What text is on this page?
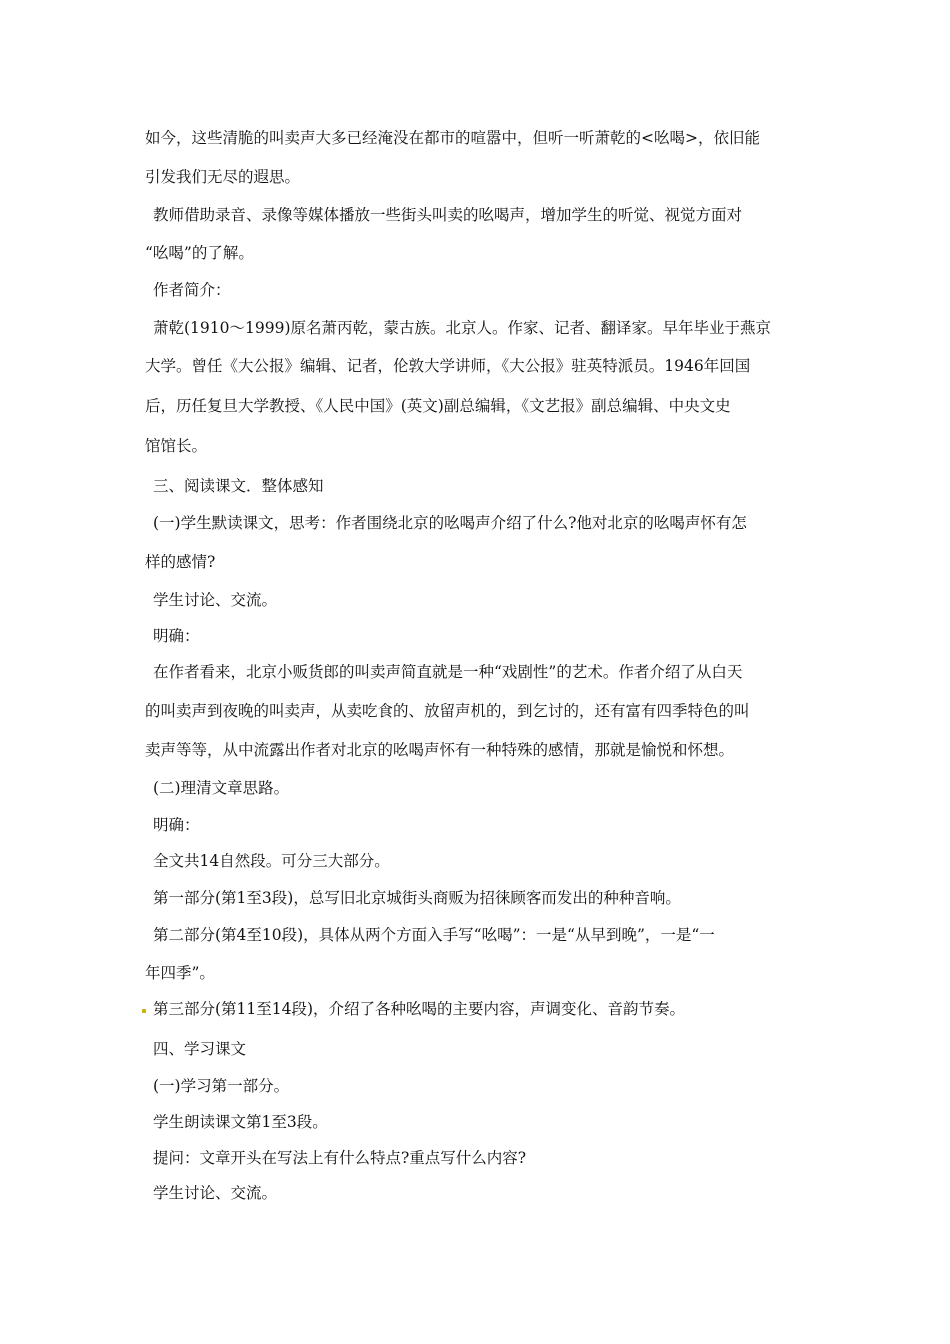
如今，这些清脆的叫卖声大多已经淹没在都市的喧嚣中，但听一听萧乾的<吆喝>，依旧能
引发我们无尽的遐思。
教师借助录音、录像等媒体播放一些街头叫卖的吆喝声，增加学生的听觉、视觉方面对
“吆喝”的了解。
作者简介：
萧乾(1910～1999)原名萧丙乾，蒙古族。北京人。作家、记者、翻译家。早年毕业于燕京
大学。曾任《大公报》编辑、记者，伦敦大学讲师，《大公报》驻英特派员。1946年回国
后，历任复旦大学教授、《人民中国》(英文)副总编辑，《文艺报》副总编辑、中央文史
馆馆长。
三、阅读课文．整体感知
(一)学生默读课文，思考：作者围绕北京的吆喝声介绍了什么?他对北京的吆喝声怀有怎
样的感情?
学生讨论、交流。
明确：
在作者看来，北京小贩货郎的叫卖声简直就是一种“戏剧性”的艺术。作者介绍了从白天
的叫卖声到夜晚的叫卖声，从卖吃食的、放留声机的，到乞讨的，还有富有四季特色的叫
卖声等等，从中流露出作者对北京的吆喝声怀有一种特殊的感情，那就是愉悦和怀想。
(二)理清文章思路。
明确：
全文共14自然段。可分三大部分。
第一部分(第1至3段)，总写旧北京城街头商贩为招徕顾客而发出的种种音响。
第二部分(第4至10段)，具体从两个方面入手写“吆喝”：一是“从早到晚”，一是“一
年四季”。
第三部分(第11至14段)，介绍了各种吆喝的主要内容，声调变化、音韵节奏。
四、学习课文
(一)学习第一部分。
学生朗读课文第1至3段。
提问：文章开头在写法上有什么特点?重点写什么内容?
学生讨论、交流。
